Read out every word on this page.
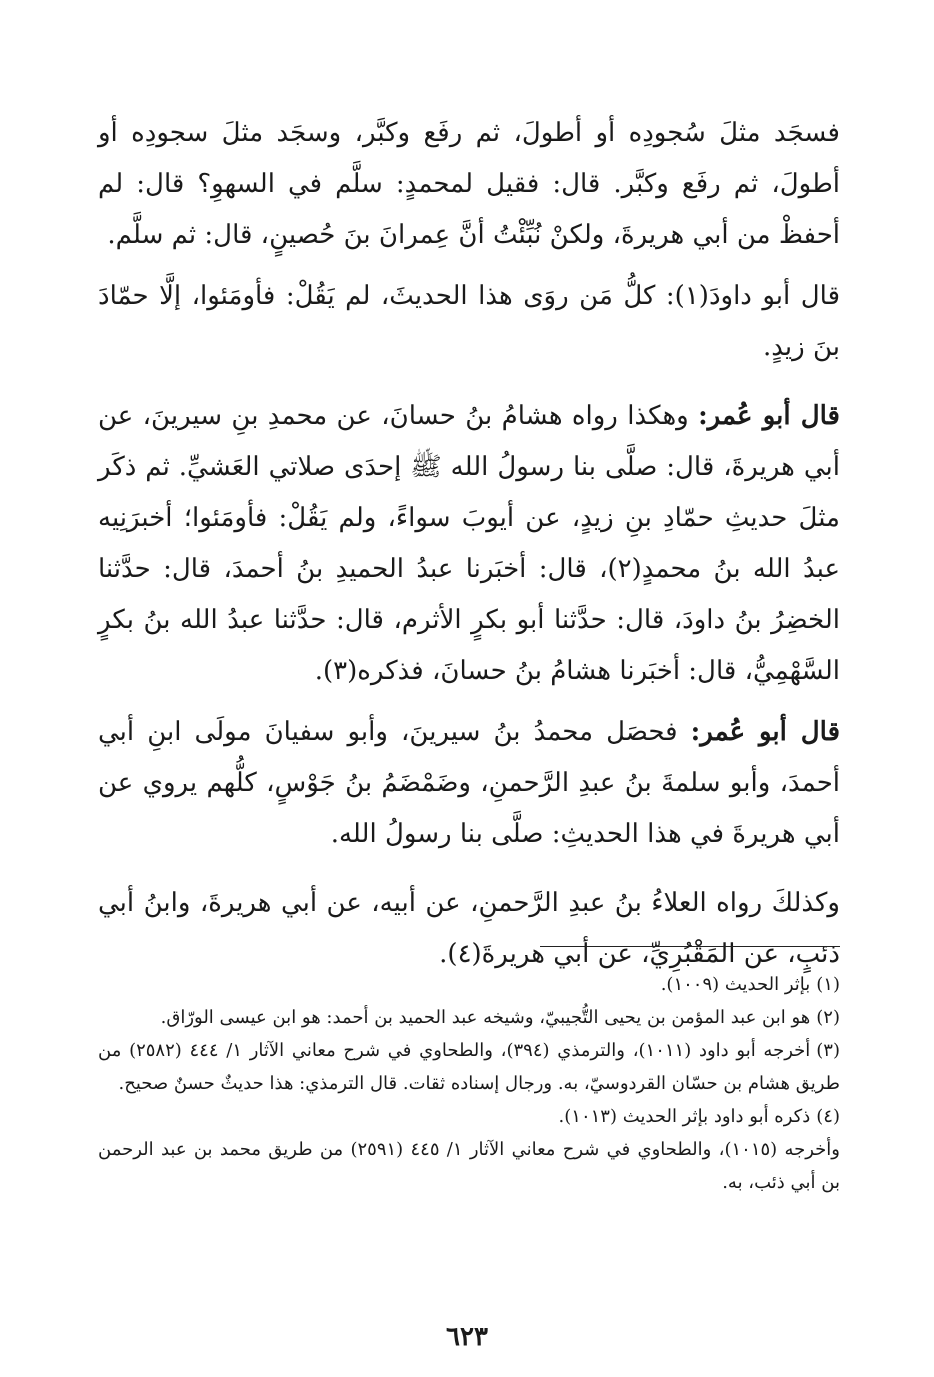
فسجَد مثلَ سُجودِه أو أطولَ، ثم رفَع وكبَّر، وسجَد مثلَ سجودِه أو أطولَ، ثم رفَع وكبَّر. قال: فقيل لمحمدٍ: سلَّم في السهوِ؟ قال: لم أحفظْ من أبي هريرةَ، ولكنْ نُبِّئْتُ أنَّ عِمرانَ بنَ حُصينٍ، قال: ثم سلَّم.

قال أبو داودَ(١): كلُّ مَن روَى هذا الحديثَ، لم يَقُلْ: فأومَئوا، إلَّا حمّادَ بنَ زيدٍ.

قال أبو عُمر: وهكذا رواه هشامُ بنُ حسانَ، عن محمدِ بنِ سيرينَ، عن أبي هريرةَ، قال: صلَّى بنا رسولُ الله ﷺ إحدَى صلاتي العَشيِّ. ثم ذكَر مثلَ حديثِ حمّادِ بنِ زيدٍ، عن أيوبَ سواءً، ولم يَقُلْ: فأومَئوا؛ أخبرَنِيه عبدُ الله بنُ محمدٍ(٢)، قال: أخبَرنا عبدُ الحميدِ بنُ أحمدَ، قال: حدَّثنا الخضِرُ بنُ داودَ، قال: حدَّثنا أبو بكرٍ الأثرم، قال: حدَّثنا عبدُ الله بنُ بكرٍ السَّهْمِيُّ، قال: أخبَرنا هشامُ بنُ حسانَ، فذكره(٣).

قال أبو عُمر: فحصَل محمدُ بنُ سيرينَ، وأبو سفيانَ مولَى ابنِ أبي أحمدَ، وأبو سلمةَ بنُ عبدِ الرَّحمنِ، وضَمْضَمُ بنُ جَوْسٍ، كلُّهم يروي عن أبي هريرةَ في هذا الحديثِ: صلَّى بنا رسولُ الله.

وكذلكَ رواه العلاءُ بنُ عبدِ الرَّحمنِ، عن أبيه، عن أبي هريرةَ، وابنُ أبي ذئبٍ، عن المَقْبُرِيِّ، عن أبي هريرةَ(٤).

(١)بإثر الحديث (١٠٠٩).

(٢)هو ابن عبد المؤمن بن يحيى التُّجيبيّ، وشيخه عبد الحميد بن أحمد: هو ابن عيسى الورّاق.

(٣)أخرجه أبو داود (١٠١١)، والترمذي (٣٩٤)، والطحاوي في شرح معاني الآثار ١/ ٤٤٤ (٢٥٨٢) من طريق هشام بن حسّان القردوسيّ، به. ورجال إسناده ثقات. قال الترمذي: هذا حديثٌ حسنٌ صحيح.

(٤)ذكره أبو داود بإثر الحديث (١٠١٣).

وأخرجه (١٠١٥)، والطحاوي في شرح معاني الآثار ١/ ٤٤٥ (٢٥٩١) من طريق محمد بن عبد الرحمن بن أبي ذئب، به.

٦٢٣
